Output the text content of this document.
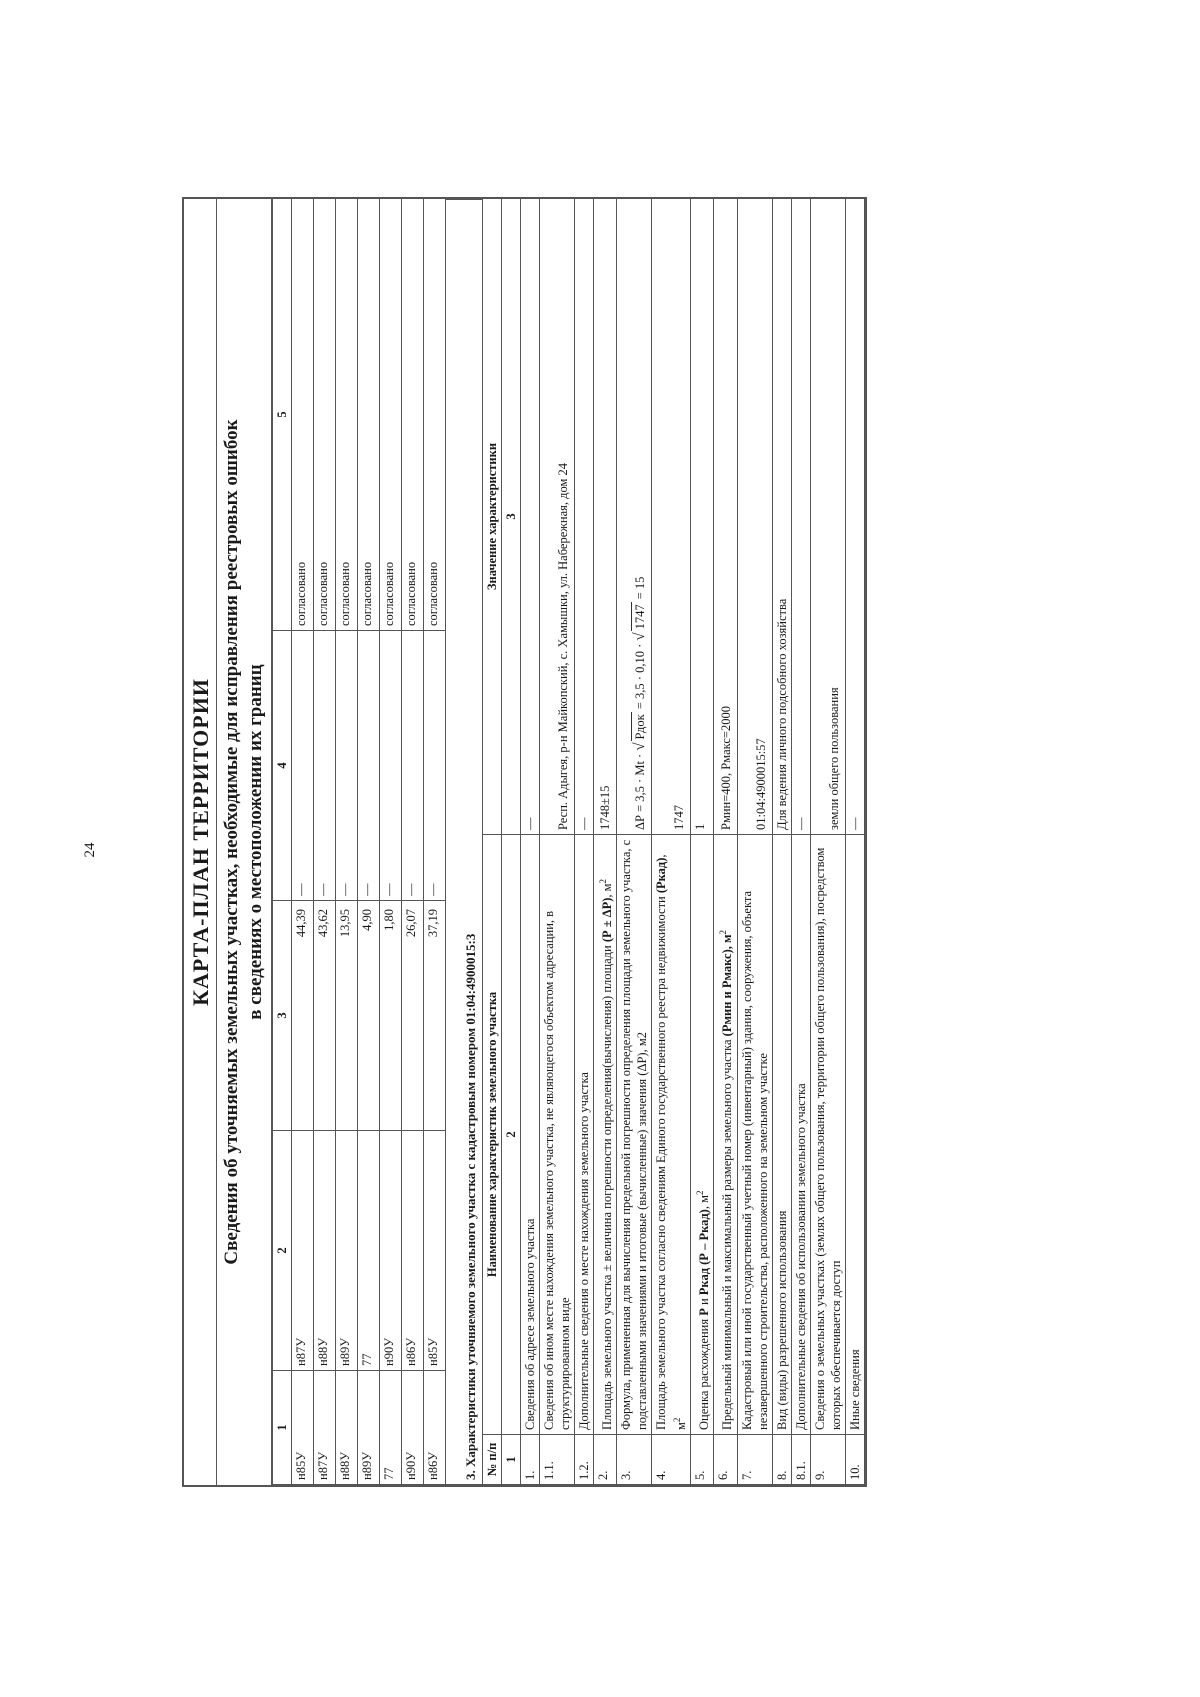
24	КАРТА-ПЛАН ТЕРРИТОРИИ Сведения об уточняемых земельных участках, необходимые для исправления реестровых ошибок в сведениях о местоположении их границ
1	2	3	4	5
н85У	н87У	44,39	—	согласовано
н87У	н88У	43,62	—	согласовано
н88У	н89У	13,95	—	согласовано
н89У	77	4,90	—	согласовано
77	н90У	1,80	—	согласовано
н90У	н86У	26,07	—	согласовано
н86У	н85У	37,19	—	согласовано
3. Характеристики уточняемого земельного участка с кадастровым номером 01:04:4900015:3 № п/п	Наименование характеристик земельного участка	Значение характеристики
1	2	3
1.	Сведения об адресе земельного участка	—
1.1.	Сведения об ином месте нахождения земельного участка, не являющегося объектом адресации, в структурированном виде	Респ. Адыгея, р-н Майкопский, с. Хамышки, ул. Набережная, дом 24
1.2.	Дополнительные сведения о месте нахождения земельного участка	—
2.	Площадь земельного участка ± величина погрешности определения(вычисления) площади (Р ± ΔР), $м^2$	1748±15
3.	Формула, примененная для вычисления предельной погрешности определения площади земельного участка, с подставленными значениями и итоговые (вычисленные) значения (ΔР), м2	ΔР = 3,5 · Mt · √Рдок = 3,5 · 0,10 · √1747 = 15
4.	Площадь земельного участка согласно сведениям Единого государственного реестра недвижимости (Ркад), $м^2$	1747
5.	Оценка расхождения Р и Ркад (Р – Ркад), $м^2$	1
6.	Предельный минимальный и максимальный размеры земельного участка (Рмин и Рмакс), $м^2$	Рмин=400, Рмакс=2000
7.	Кадастровый или иной государственный учетный номер (инвентарный) здания, сооружения, объекта незавершенного строительства, расположенного на земельном участке	01:04:4900015:57
8.	Вид (виды) разрешенного использования	Для ведения личного подсобного хозяйства
8.1.	Дополнительные сведения об использовании земельного участка	—
9.	Сведения о земельных участках (землях общего пользования, территории общего пользования), посредством которых обеспечивается доступ	земли общего пользования
10.	Иные сведения	—
